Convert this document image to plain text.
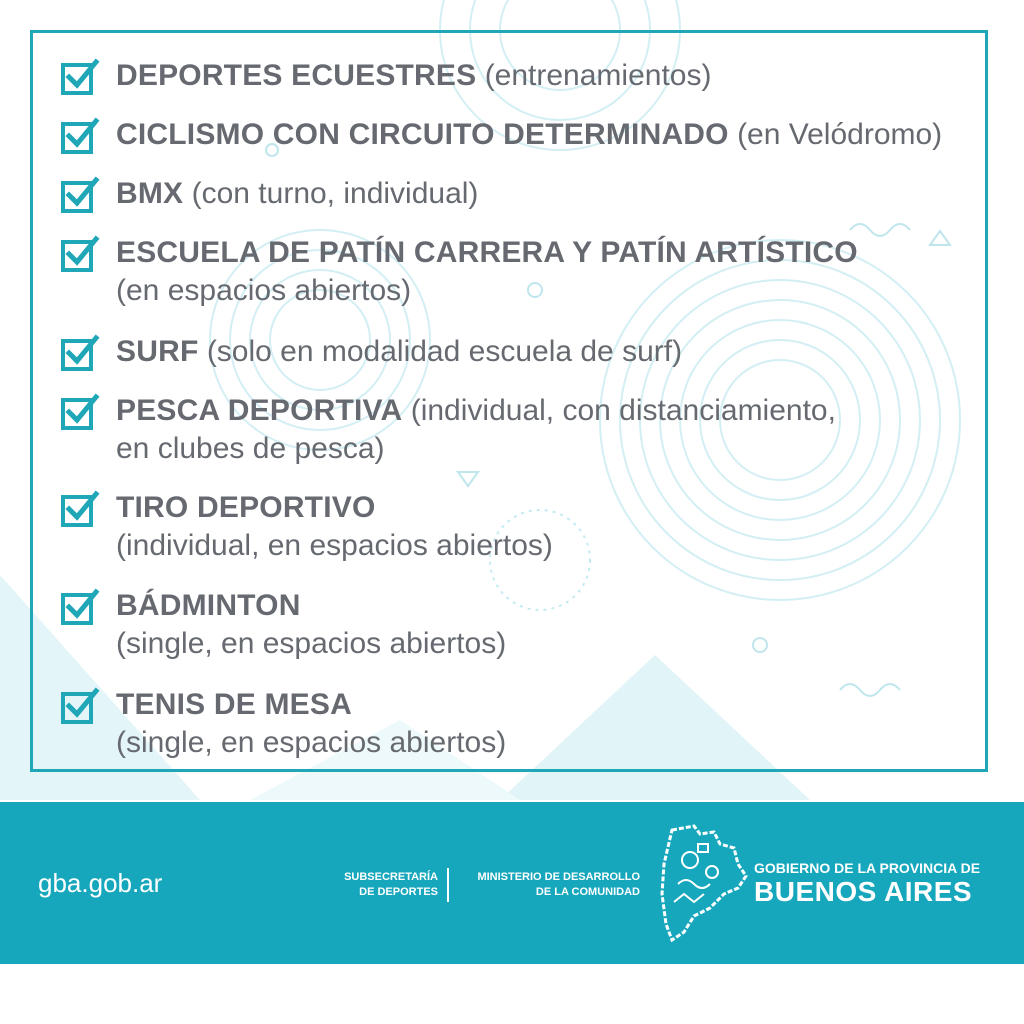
DEPORTES ECUESTRES (entrenamientos)
CICLISMO CON CIRCUITO DETERMINADO (en Velódromo)
BMX (con turno, individual)
ESCUELA DE PATÍN CARRERA Y PATÍN ARTÍSTICO
(en espacios abiertos)
SURF (solo en modalidad escuela de surf)
PESCA DEPORTIVA (individual, con distanciamiento,
en clubes de pesca)
TIRO DEPORTIVO
(individual, en espacios abiertos)
BÁDMINTON
(single, en espacios abiertos)
TENIS DE MESA
(single, en espacios abiertos)
gba.gob.ar	SUBSECRETARÍA
DE DEPORTES
MINISTERIO DE DESARROLLO
DE LA COMUNIDAD
GOBIERNO DE LA PROVINCIA DE
BUENOS AIRES
